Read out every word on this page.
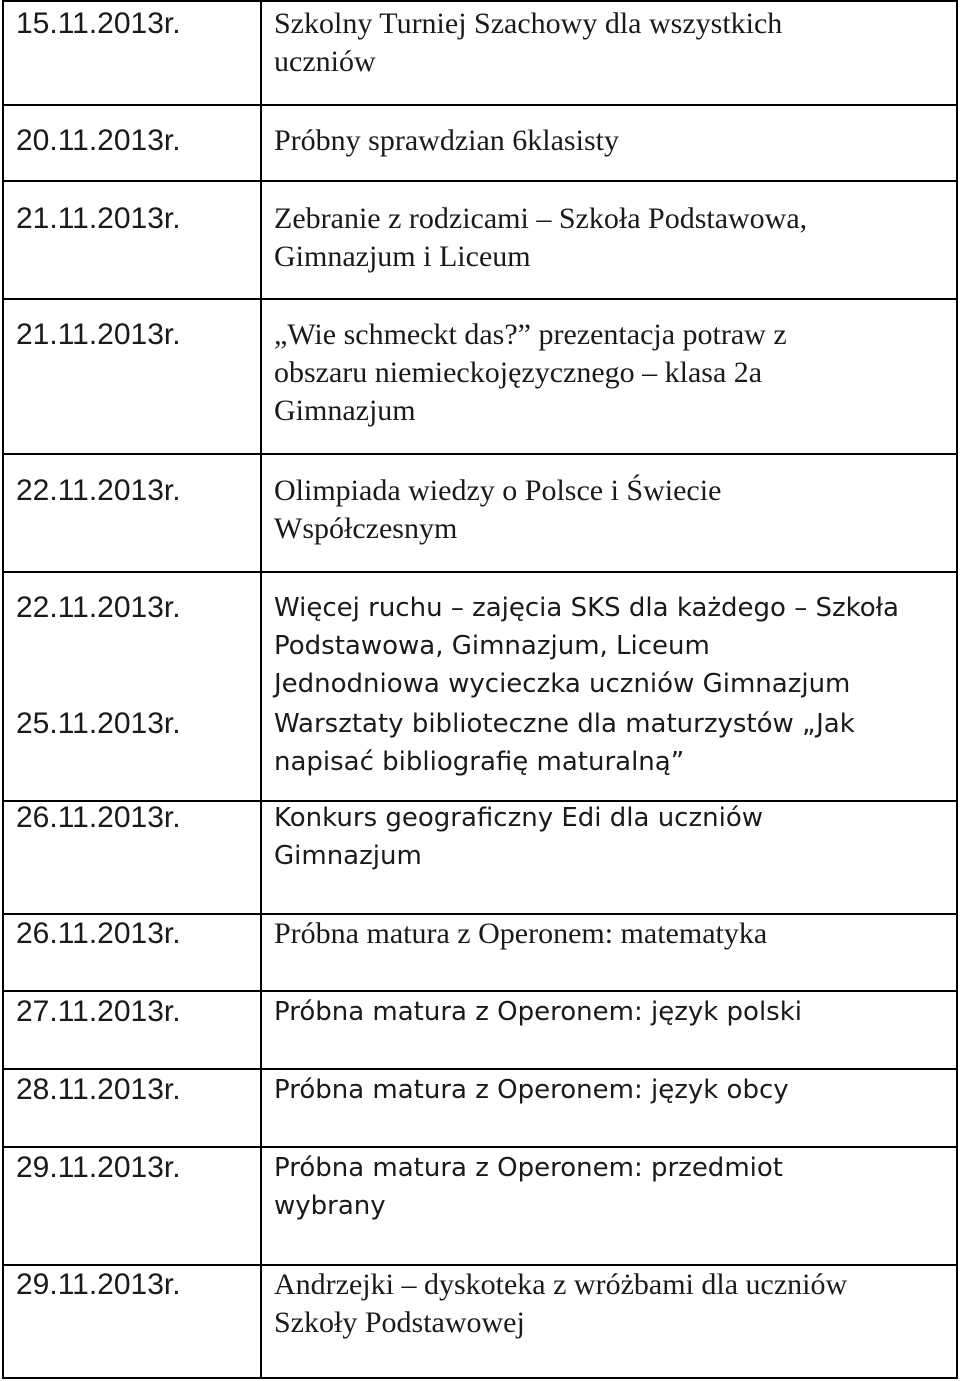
15.11.2013r.	Szkolny Turniej Szachowy dla wszystkich

uczniów

20.11.2013r.	Próbny sprawdzian 6klasisty

21.11.2013r.	Zebranie z rodzicami – Szkoła Podstawowa,

Gimnazjum i Liceum

21.11.2013r.	„Wie schmeckt das?” prezentacja potraw z

obszaru niemieckojęzycznego – klasa 2a

Gimnazjum

22.11.2013r.	Olimpiada wiedzy o Polsce i Świecie

Współczesnym

22.11.2013r.	Więcej ruchu – zajęcia SKS dla każdego – Szkoła

Podstawowa, Gimnazjum, Liceum

Jednodniowa wycieczka uczniów Gimnazjum

25.11.2013r.	Warsztaty biblioteczne dla maturzystów „Jak

napisać bibliografię maturalną”

26.11.2013r.	Konkurs geograficzny Edi dla uczniów

Gimnazjum

26.11.2013r.	Próbna matura z Operonem: matematyka

27.11.2013r.	Próbna matura z Operonem: język polski

28.11.2013r.	Próbna matura z Operonem: język obcy

29.11.2013r.	Próbna matura z Operonem: przedmiot

wybrany

29.11.2013r.	Andrzejki – dyskoteka z wróżbami dla uczniów

Szkoły Podstawowej
